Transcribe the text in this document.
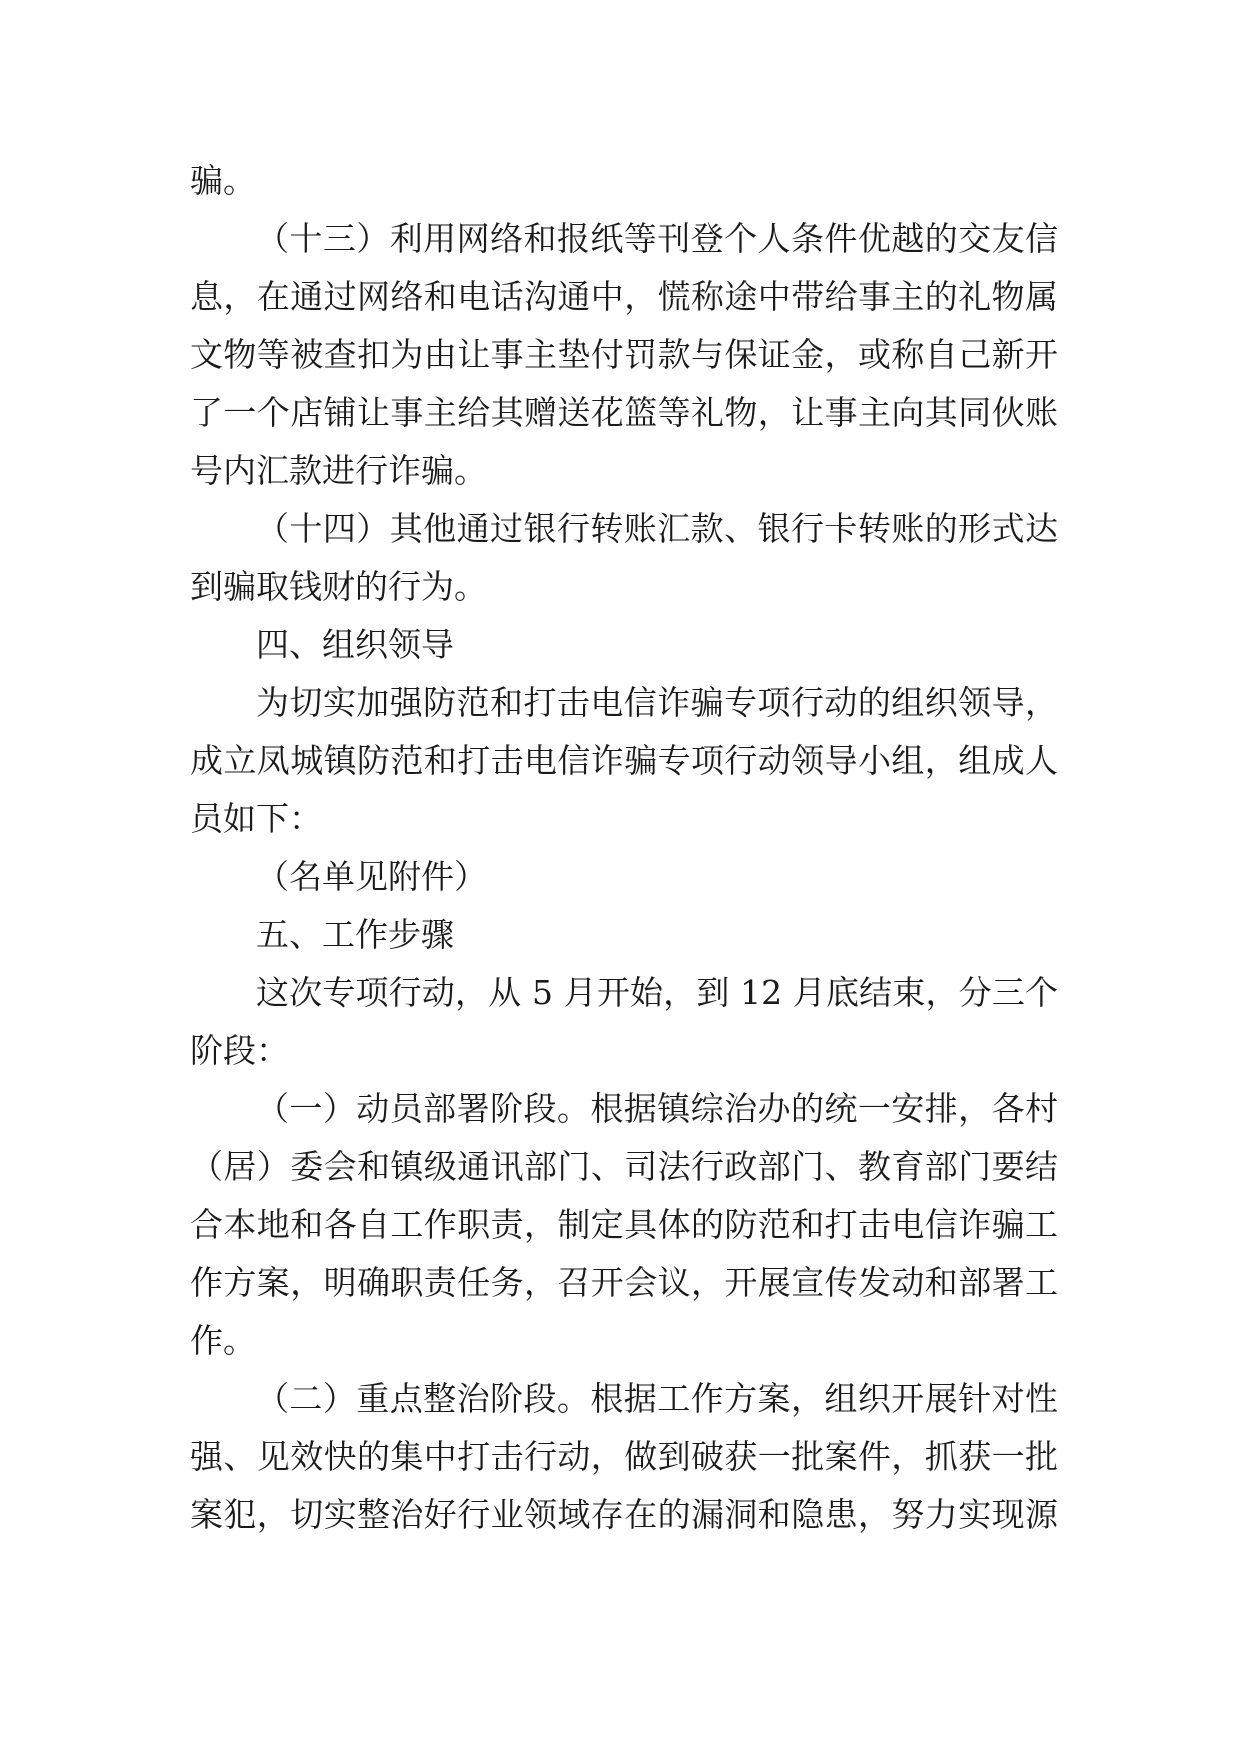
骗。
（十三）利用网络和报纸等刊登个人条件优越的交友信
息，在通过网络和电话沟通中，慌称途中带给事主的礼物属
文物等被查扣为由让事主垫付罚款与保证金，或称自己新开
了一个店铺让事主给其赠送花篮等礼物，让事主向其同伙账
号内汇款进行诈骗。
（十四）其他通过银行转账汇款、银行卡转账的形式达
到骗取钱财的行为。
四、组织领导
为切实加强防范和打击电信诈骗专项行动的组织领导，
成立凤城镇防范和打击电信诈骗专项行动领导小组，组成人
员如下：
（名单见附件）
五、工作步骤
这次专项行动，从 5 月开始，到 12 月底结束，分三个
阶段：
（一）动员部署阶段。根据镇综治办的统一安排，各村
（居）委会和镇级通讯部门、司法行政部门、教育部门要结
合本地和各自工作职责，制定具体的防范和打击电信诈骗工
作方案，明确职责任务，召开会议，开展宣传发动和部署工
作。
（二）重点整治阶段。根据工作方案，组织开展针对性
强、见效快的集中打击行动，做到破获一批案件，抓获一批
案犯，切实整治好行业领域存在的漏洞和隐患，努力实现源
